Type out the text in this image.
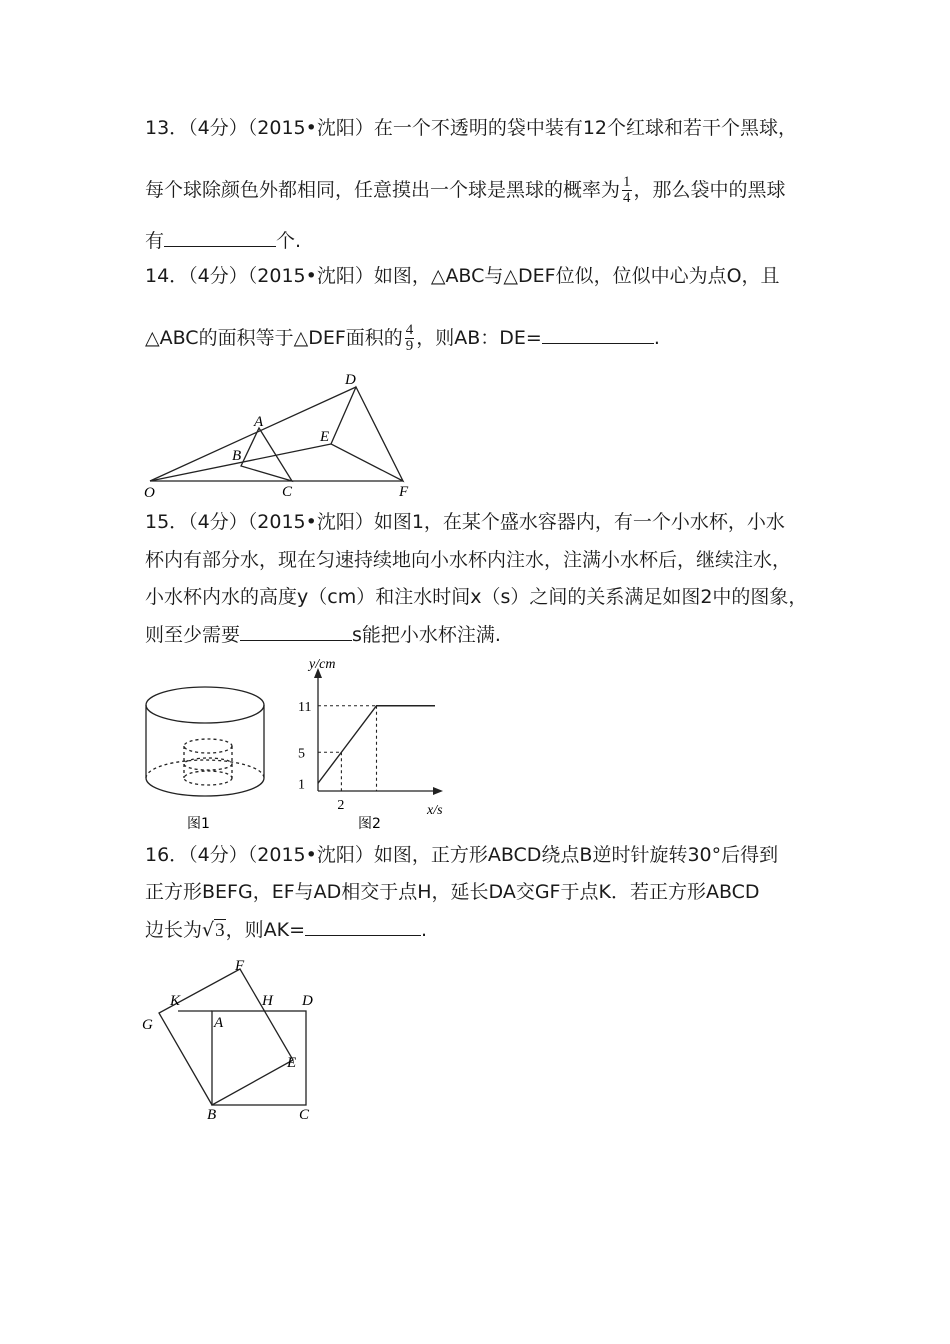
13．（4分）（2015•沈阳）在一个不透明的袋中装有12个红球和若干个黑球，
每个球除颜色外都相同，任意摸出一个球是黑球的概率为 $\frac{1}{4}$ ，那么袋中的黑球
有	个.
14．（4分）（2015•沈阳）如图，△ABC与△DEF位似，位似中心为点O，且
△ABC的面积等于△DEF面积的 $\frac{4}{9}$ ，则AB：DE=	.
O
A
B
C
D
E
F
15．（4分）（2015•沈阳）如图1，在某个盛水容器内，有一个小水杯，小水
杯内有部分水，现在匀速持续地向小水杯内注水，注满小水杯后，继续注水，
小水杯内水的高度y（cm）和注水时间x（s）之间的关系满足如图2中的图象，
则至少需要	s能把小水杯注满.
图1
y/cm
x/s
图2
1
5
11
2
16．（4分）（2015•沈阳）如图，正方形ABCD绕点B逆时针旋转30°后得到
正方形BEFG，EF与AD相交于点H，延长DA交GF于点K．若正方形ABCD
边长为√3，则AK=	.
F
K	H D
G	A
E
B	C
